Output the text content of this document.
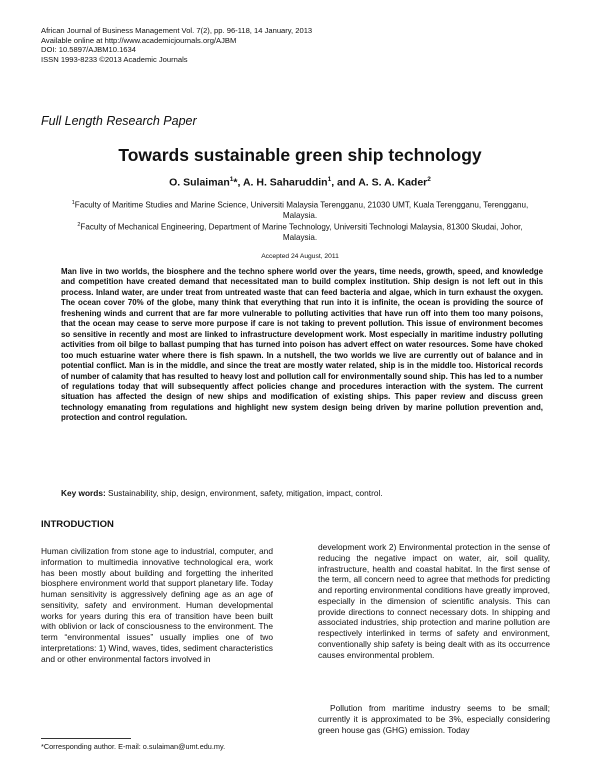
African Journal of Business Management Vol. 7(2), pp. 96-118, 14 January, 2013
Available online at http://www.academicjournals.org/AJBM
DOI: 10.5897/AJBM10.1634
ISSN 1993-8233 ©2013 Academic Journals
Full Length Research Paper
Towards sustainable green ship technology
O. Sulaiman$^1$*, A. H. Saharuddin$^1$, and A. S. A. Kader$^2$
$^1$Faculty of Maritime Studies and Marine Science, Universiti Malaysia Terengganu, 21030 UMT, Kuala Terengganu, Terengganu, Malaysia.
$^2$Faculty of Mechanical Engineering, Department of Marine Technology, Universiti Technologi Malaysia, 81300 Skudai, Johor, Malaysia.
Accepted 24 August, 2011

Man live in two worlds, the biosphere and the techno sphere world over the years, time needs, growth, speed, and knowledge and competition have created demand that necessitated man to build complex institution. Ship design is not left out in this process. Inland water, are under treat from untreated waste that can feed bacteria and algae, which in turn exhaust the oxygen. The ocean cover 70% of the globe, many think that everything that run into it is infinite, the ocean is providing the source of freshening winds and current that are far more vulnerable to polluting activities that have run off into them too many poisons, that the ocean may cease to serve more purpose if care is not taking to prevent pollution. This issue of environment becomes so sensitive in recently and most are linked to infrastructure development work. Most especially in maritime industry polluting activities from oil bilge to ballast pumping that has turned into poison has advert effect on water resources. Some have choked too much estuarine water where there is fish spawn. In a nutshell, the two worlds we live are currently out of balance and in potential conflict. Man is in the middle, and since the treat are mostly water related, ship is in the middle too. Historical records of number of calamity that has resulted to heavy lost and pollution call for environmentally sound ship. This has led to a number of regulations today that will subsequently affect policies change and procedures interaction with the system. The current situation has affected the design of new ships and modification of existing ships. This paper review and discuss green technology emanating from regulations and highlight new system design being driven by marine pollution prevention and, protection and control regulation.

Key words: Sustainability, ship, design, environment, safety, mitigation, impact, control.
INTRODUCTION

Human civilization from stone age to industrial, computer, and information to multimedia innovative technological era, work has been mostly about building and forgetting the inherited biosphere environment world that support planetary life. Today human sensitivity is aggressively defining age as an age of sensitivity, safety and environment. Human developmental works for years during this era of transition have been built with oblivion or lack of consciousness to the environment. The term “environmental issues” usually implies one of two interpretations: 1) Wind, waves, tides, sediment characteristics and or other environmental factors involved in

development work 2) Environmental protection in the sense of reducing the negative impact on water, air, soil quality, infrastructure, health and coastal habitat. In the first sense of the term, all concern need to agree that methods for predicting and reporting environmental conditions have greatly improved, especially in the dimension of scientific analysis. This can provide directions to connect necessary dots. In shipping and associated industries, ship protection and marine pollution are respectively interlinked in terms of safety and environment, conventionally ship safety is being dealt with as its occurrence causes environmental problem.

Pollution from maritime industry seems to be small; currently it is approximated to be 3%, especially considering green house gas (GHG) emission. Today

*Corresponding author. E-mail: o.sulaiman@umt.edu.my.
